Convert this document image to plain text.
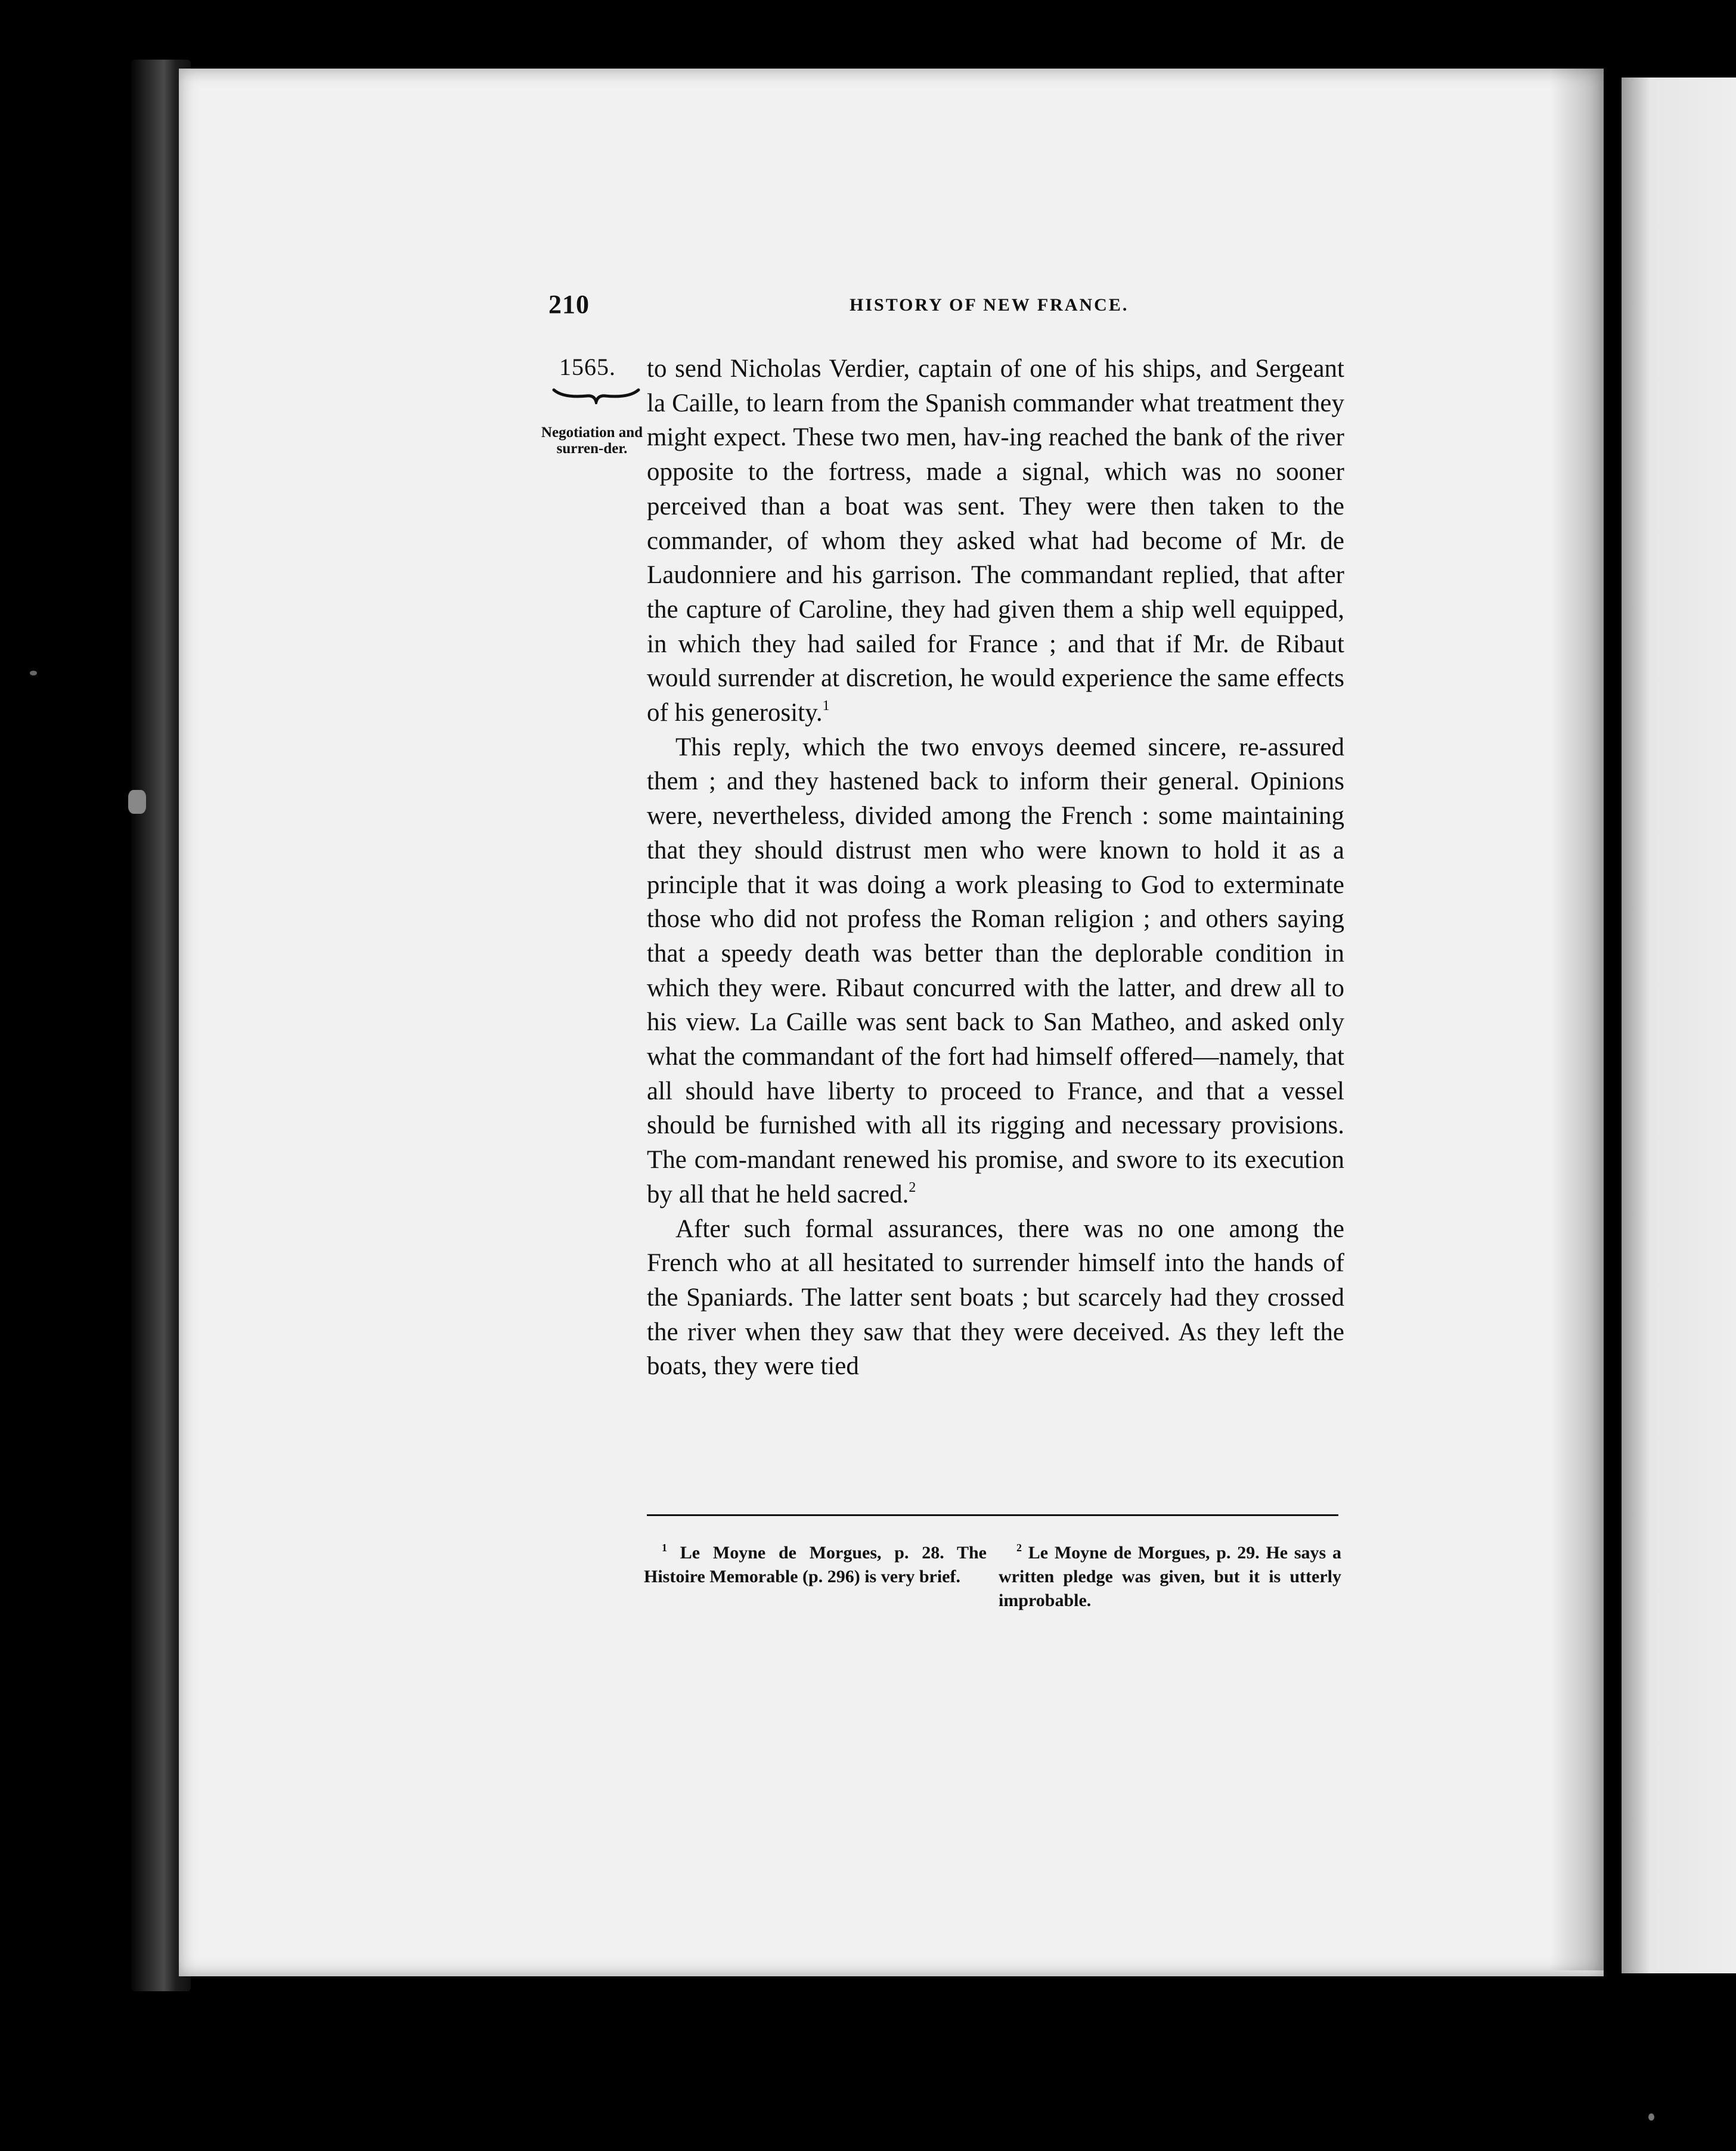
210	HISTORY OF NEW FRANCE.
1565.
Negotiation and surren-der.

to send Nicholas Verdier, captain of one of his ships, and Sergeant la Caille, to learn from the Spanish commander what treatment they might expect. These two men, hav-ing reached the bank of the river opposite to the fortress, made a signal, which was no sooner perceived than a boat was sent. They were then taken to the commander, of whom they asked what had become of Mr. de Laudonniere and his garrison. The commandant replied, that after the capture of Caroline, they had given them a ship well equipped, in which they had sailed for France ; and that if Mr. de Ribaut would surrender at discretion, he would experience the same effects of his generosity.$^1$

This reply, which the two envoys deemed sincere, re-assured them ; and they hastened back to inform their general. Opinions were, nevertheless, divided among the French : some maintaining that they should distrust men who were known to hold it as a principle that it was doing a work pleasing to God to exterminate those who did not profess the Roman religion ; and others saying that a speedy death was better than the deplorable condition in which they were. Ribaut concurred with the latter, and drew all to his view. La Caille was sent back to San Matheo, and asked only what the commandant of the fort had himself offered—namely, that all should have liberty to proceed to France, and that a vessel should be furnished with all its rigging and necessary provisions. The com-mandant renewed his promise, and swore to its execution by all that he held sacred.$^2$

After such formal assurances, there was no one among the French who at all hesitated to surrender himself into the hands of the Spaniards. The latter sent boats ; but scarcely had they crossed the river when they saw that they were deceived. As they left the boats, they were tied

$^1$ Le Moyne de Morgues, p. 28. The Histoire Memorable (p. 296) is very brief.
$^2$ Le Moyne de Morgues, p. 29. He says a written pledge was given, but it is utterly improbable.
